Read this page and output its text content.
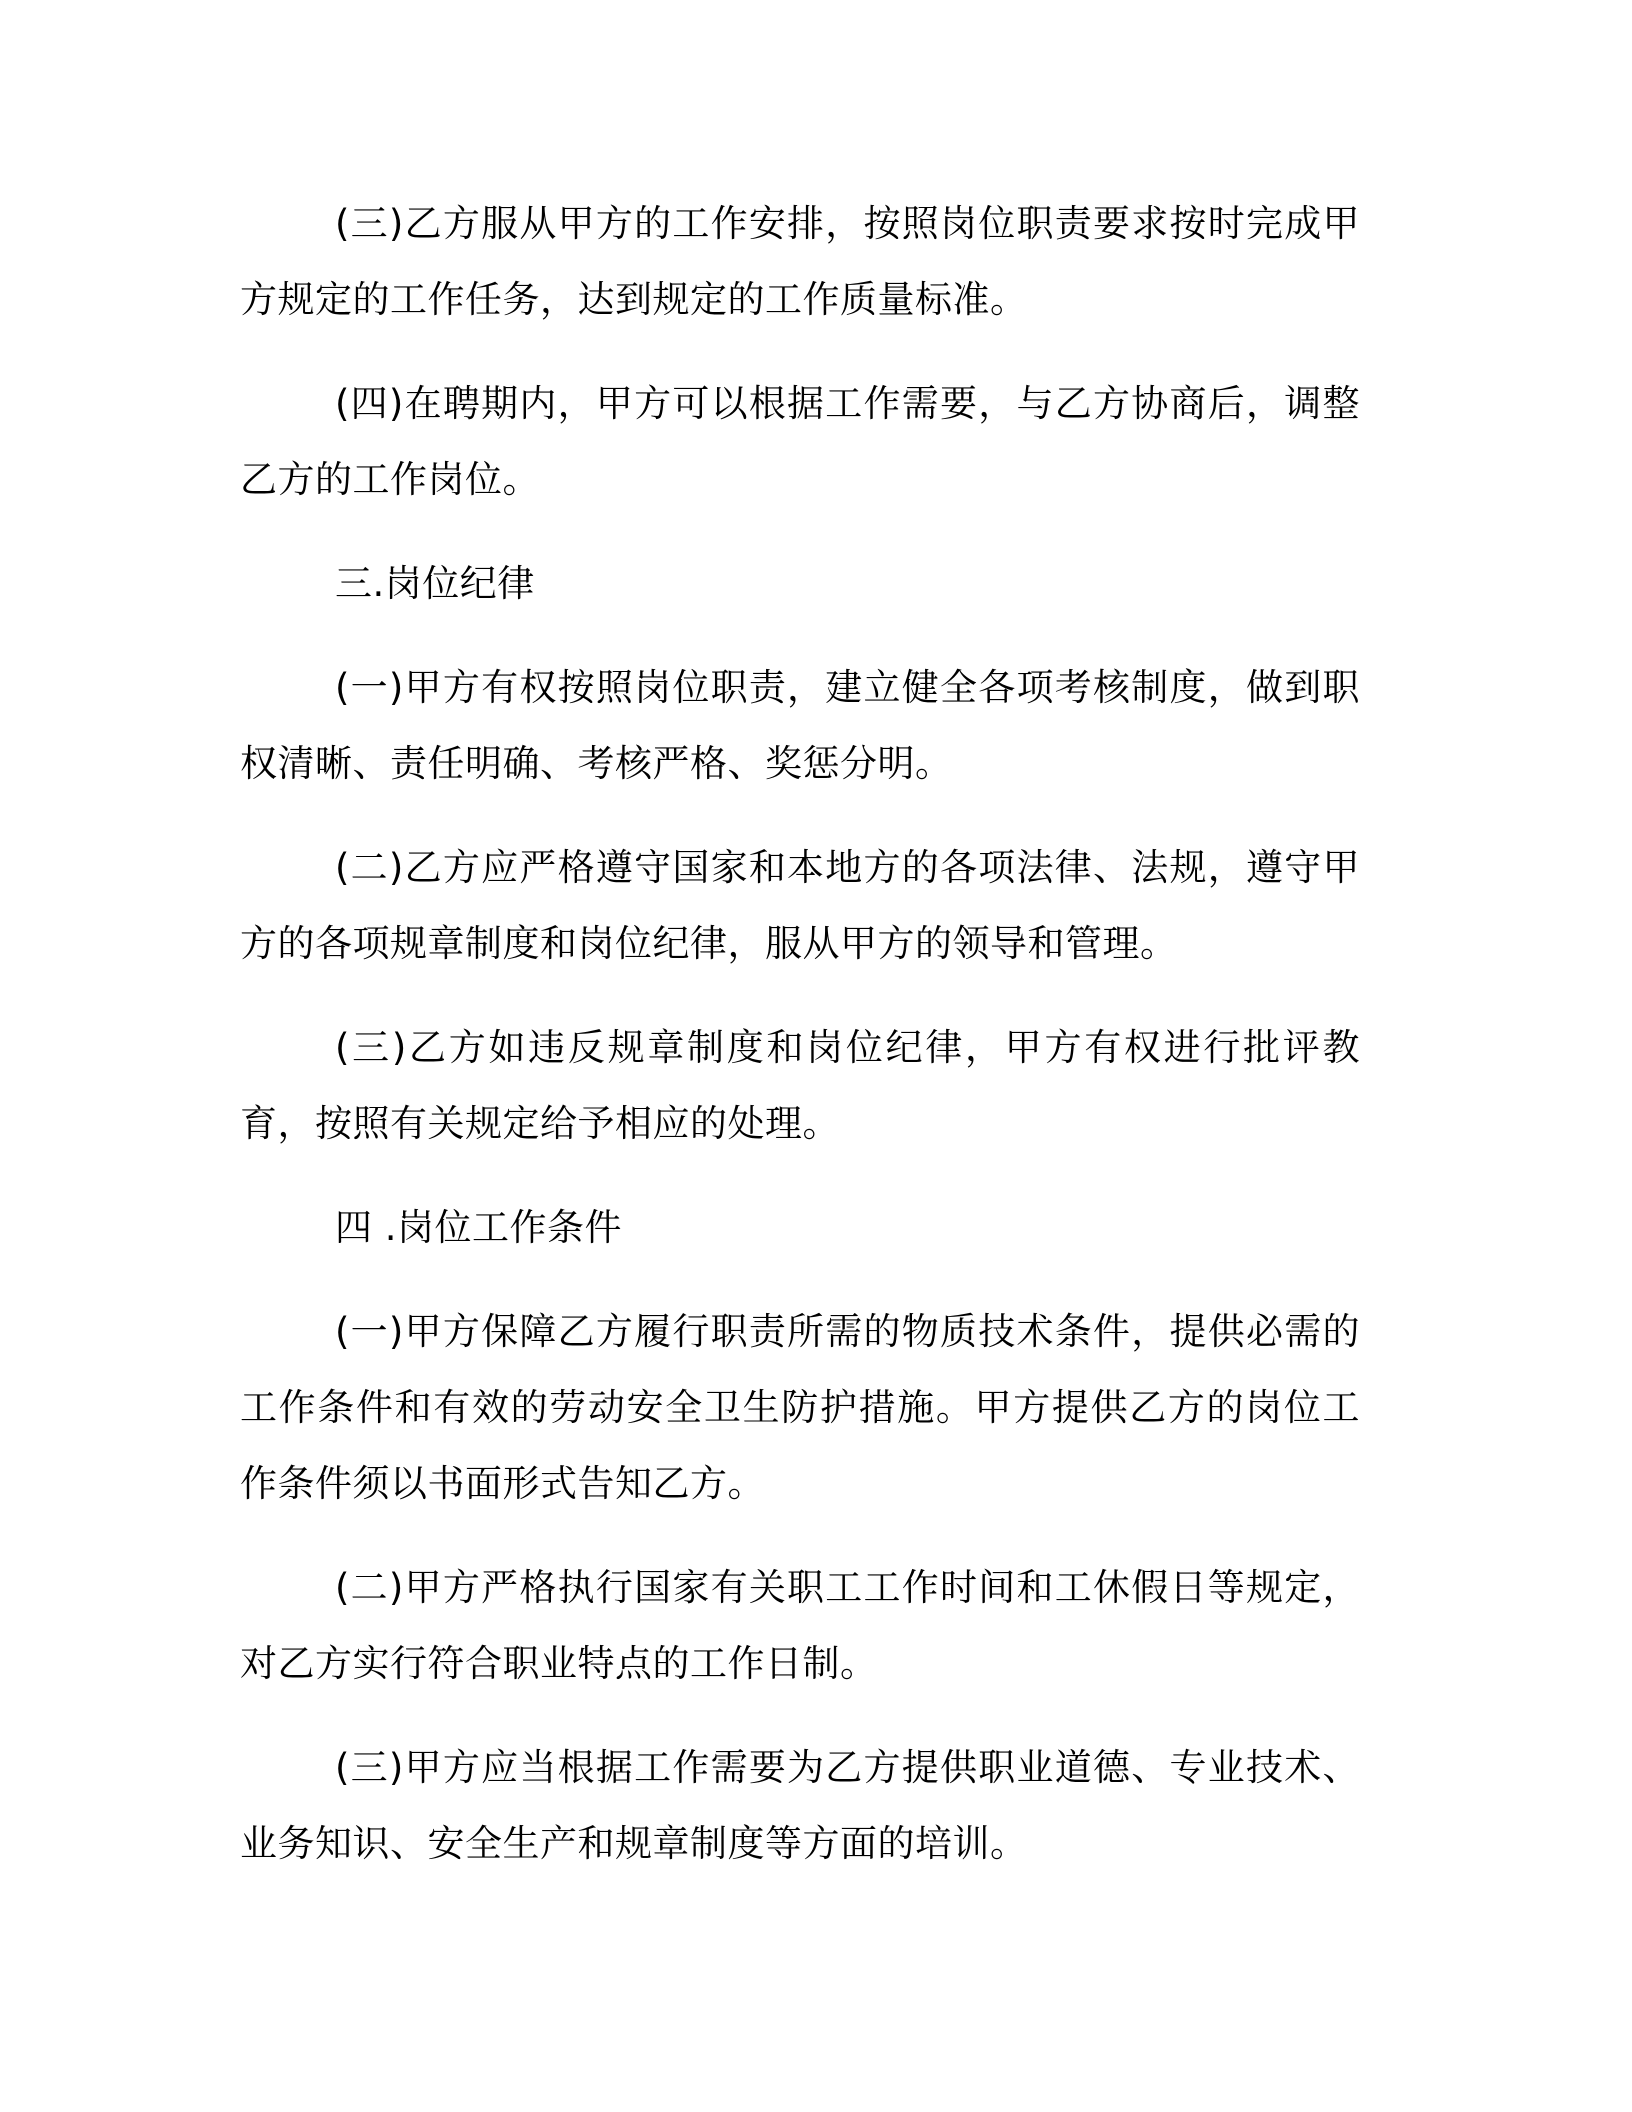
(三)乙方服从甲方的工作安排，按照岗位职责要求按时完成甲方规定的工作任务，达到规定的工作质量标准。

(四)在聘期内，甲方可以根据工作需要，与乙方协商后，调整乙方的工作岗位。

三.岗位纪律

(一)甲方有权按照岗位职责，建立健全各项考核制度，做到职权清晰、责任明确、考核严格、奖惩分明。

(二)乙方应严格遵守国家和本地方的各项法律、法规，遵守甲方的各项规章制度和岗位纪律，服从甲方的领导和管理。

(三)乙方如违反规章制度和岗位纪律，甲方有权进行批评教育，按照有关规定给予相应的处理。

四 .岗位工作条件

(一)甲方保障乙方履行职责所需的物质技术条件，提供必需的工作条件和有效的劳动安全卫生防护措施。甲方提供乙方的岗位工作条件须以书面形式告知乙方。

(二)甲方严格执行国家有关职工工作时间和工休假日等规定，对乙方实行符合职业特点的工作日制。

(三)甲方应当根据工作需要为乙方提供职业道德、专业技术、业务知识、安全生产和规章制度等方面的培训。
